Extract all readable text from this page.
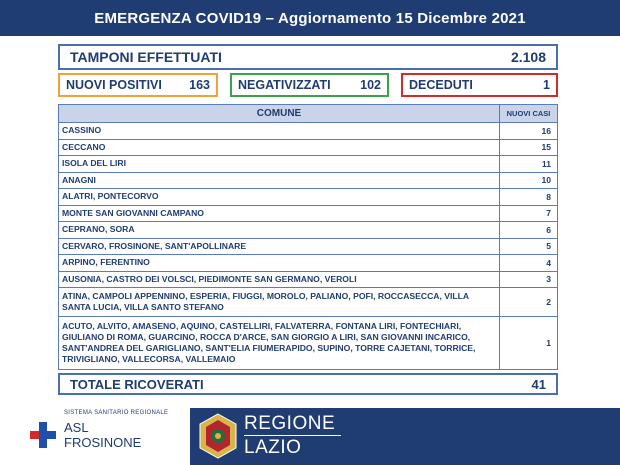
EMERGENZA COVID19 – Aggiornamento 15 Dicembre 2021
TAMPONI EFFETTUATI	2.108
NUOVI POSITIVI 163 NEGATIVIZZATI 102 DECEDUTI	1
COMUNE	NUOVI CASI
CASSINO	16
CECCANO	15
ISOLA DEL LIRI	11
ANAGNI	10
ALATRI, PONTECORVO	8
MONTE SAN GIOVANNI CAMPANO	7
CEPRANO, SORA	6
CERVARO, FROSINONE, SANT'APOLLINARE	5
ARPINO, FERENTINO	4
AUSONIA, CASTRO DEI VOLSCI, PIEDIMONTE SAN GERMANO, VEROLI	3
ATINA, CAMPOLI APPENNINO, ESPERIA, FIUGGI, MOROLO, PALIANO, POFI, ROCCASECCA, VILLA SANTA LUCIA, VILLA SANTO STEFANO	2
ACUTO, ALVITO, AMASENO, AQUINO, CASTELLIRI, FALVATERRA, FONTANA LIRI, FONTECHIARI, GIULIANO DI ROMA, GUARCINO, ROCCA D'ARCE, SAN GIORGIO A LIRI, SAN GIOVANNI INCARICO, SANT'ANDREA DEL GARIGLIANO, SANT'ELIA FIUMERAPIDO, SUPINO, TORRE CAJETANI, TORRICE, TRIVIGLIANO, VALLECORSA, VALLEMAIO	1
TOTALE RICOVERATI	41
SISTEMA SANITARIO REGIONALE
ASL
FROSINONE
REGIONE
LAZIO
